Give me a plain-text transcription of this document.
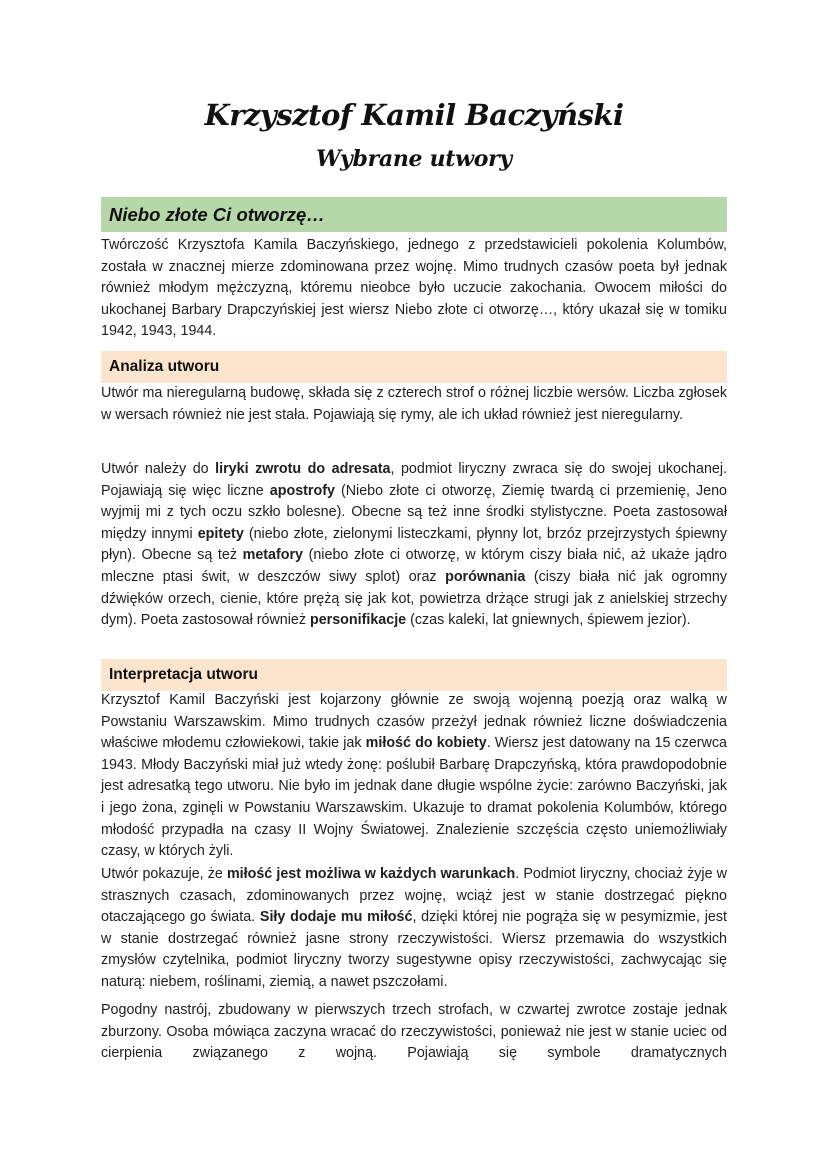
Krzysztof Kamil Baczyński
Wybrane utwory
Niebo złote Ci otworzę…
Twórczość Krzysztofa Kamila Baczyńskiego, jednego z przedstawicieli pokolenia Kolumbów, została w znacznej mierze zdominowana przez wojnę. Mimo trudnych czasów poeta był jednak również młodym mężczyzną, któremu nieobce było uczucie zakochania. Owocem miłości do ukochanej Barbary Drapczyńskiej jest wiersz Niebo złote ci otworzę…, który ukazał się w tomiku 1942, 1943, 1944.
Analiza utworu
Utwór ma nieregularną budowę, składa się z czterech strof o różnej liczbie wersów. Liczba zgłosek w wersach również nie jest stała. Pojawiają się rymy, ale ich układ również jest nieregularny.
Utwór należy do liryki zwrotu do adresata, podmiot liryczny zwraca się do swojej ukochanej. Pojawiają się więc liczne apostrofy (Niebo złote ci otworzę, Ziemię twardą ci przemienię, Jeno wyjmij mi z tych oczu szkło bolesne). Obecne są też inne środki stylistyczne. Poeta zastosował między innymi epitety (niebo złote, zielonymi listeczkami, płynny lot, brzóz przejrzystych śpiewny płyn). Obecne są też metafory (niebo złote ci otworzę, w którym ciszy biała nić, aż ukaże jądro mleczne ptasi świt, w deszczów siwy splot) oraz porównania (ciszy biała nić jak ogromny dźwięków orzech, cienie, które prężą się jak kot, powietrza drżące strugi jak z anielskiej strzechy dym). Poeta zastosował również personifikacje (czas kaleki, lat gniewnych, śpiewem jezior).
Interpretacja utworu
Krzysztof Kamil Baczyński jest kojarzony głównie ze swoją wojenną poezją oraz walką w Powstaniu Warszawskim. Mimo trudnych czasów przeżył jednak również liczne doświadczenia właściwe młodemu człowiekowi, takie jak miłość do kobiety. Wiersz jest datowany na 15 czerwca 1943. Młody Baczyński miał już wtedy żonę: poślubił Barbarę Drapczyńską, która prawdopodobnie jest adresatką tego utworu. Nie było im jednak dane długie wspólne życie: zarówno Baczyński, jak i jego żona, zginęli w Powstaniu Warszawskim. Ukazuje to dramat pokolenia Kolumbów, którego młodość przypadła na czasy II Wojny Światowej. Znalezienie szczęścia często uniemożliwiały czasy, w których żyli.
Utwór pokazuje, że miłość jest możliwa w każdych warunkach. Podmiot liryczny, chociaż żyje w strasznych czasach, zdominowanych przez wojnę, wciąż jest w stanie dostrzegać piękno otaczającego go świata. Siły dodaje mu miłość, dzięki której nie pogrąża się w pesymizmie, jest w stanie dostrzegać również jasne strony rzeczywistości. Wiersz przemawia do wszystkich zmysłów czytelnika, podmiot liryczny tworzy sugestywne opisy rzeczywistości, zachwycając się naturą: niebem, roślinami, ziemią, a nawet pszczołami.
Pogodny nastrój, zbudowany w pierwszych trzech strofach, w czwartej zwrotce zostaje jednak zburzony. Osoba mówiąca zaczyna wracać do rzeczywistości, ponieważ nie jest w stanie uciec od cierpienia związanego z wojną. Pojawiają się symbole dramatycznych
